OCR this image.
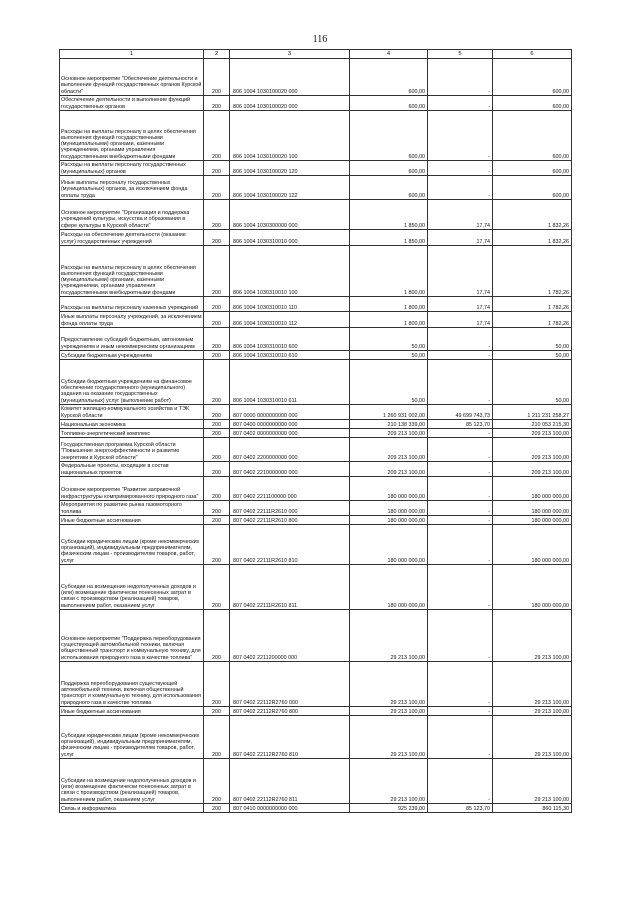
116
1	2	3	4	5	6
Основное мероприятие "Обеспечение деятельности и выполнение функций государственных органов Курской области"	200	806 1004 1030100020 000	600,00	-	600,00
Обеспечение деятельности и выполнение функций государственных органов	200	806 1004 1030100020 000	600,00	-	600,00
Расходы на выплаты персоналу в целях обеспечения выполнения функций государственными (муниципальными) органами, казенными учреждениями, органами управления государственными внебюджетными фондами	200	806 1004 1030100020 100	600,00	-	600,00
Расходы на выплаты персоналу государственных (муниципальных) органов	200	806 1004 1030100020 120	600,00	-	600,00
Иные выплаты персоналу государственных (муниципальных) органов, за исключением фонда оплаты труда	200	806 1004 1030100020 122	600,00	-	600,00
Основное мероприятие "Организация и поддержка учреждений культуры, искусства и образования в сфере культуры в Курской области"	200	806 1004 1030300000 000	1 850,00	17,74	1 832,26
Расходы на обеспечение деятельности (оказание услуг) государственных учреждений	200	806 1004 1030310010 000	1 850,00	17,74	1 832,26
Расходы на выплаты персоналу в целях обеспечения выполнения функций государственными (муниципальными) органами, казенными учреждениями, органами управления государственными внебюджетными фондами	200	806 1004 1030310010 100	1 800,00	17,74	1 782,26
Расходы на выплаты персоналу казенных учреждений	200	806 1004 1030310010 110	1 800,00	17,74	1 782,26
Иные выплаты персоналу учреждений, за исключением фонда оплаты труда	200	806 1004 1030310010 112	1 800,00	17,74	1 782,26
Предоставление субсидий бюджетным, автономным учреждениям и иным некоммерческим организациям	200	806 1004 1030310010 600	50,00	-	50,00
Субсидии бюджетным учреждениям	200	806 1004 1030310010 610	50,00	-	50,00
Субсидии бюджетным учреждениям на финансовое обеспечение государственного (муниципального) задания на оказание государственных (муниципальных) услуг (выполнение работ)	200	806 1004 1030310010 611	50,00	-	50,00
Комитет жилищно-коммунального хозяйства и ТЭК Курской области	200	807 0000 0000000000 000	1 260 931 002,00	49 699 743,73	1 211 231 258,27
Национальная экономика	200	807 0400 0000000000 000	210 138 339,00	85 123,70	210 053 215,30
Топливно-энергетический комплекс	200	807 0402 0000000000 000	209 213 100,00	-	209 213 100,00
Государственная программа Курской области "Повышение энергоэффективности и развитие энергетики в Курской области"	200	807 0402 2200000000 000	209 213 100,00	-	209 213 100,00
Федеральные проекты, входящие в состав национальных проектов	200	807 0402 2210000000 000	209 213 100,00	-	209 213 100,00
Основное мероприятие "Развитие заправочной инфраструктуры компримированного природного газа"	200	807 0402 2211100000 000	180 000 000,00	-	180 000 000,00
Мероприятия по развитию рынка газомоторного топлива	200	807 0402 22111R2610 000	180 000 000,00	-	180 000 000,00
Иные бюджетные ассигнования	200	807 0402 22111R2610 800	180 000 000,00	-	180 000 000,00
Субсидии юридическим лицам (кроме некоммерческих организаций), индивидуальным предпринимателям, физическим лицам - производителям товаров, работ, услуг	200	807 0402 22111R2610 810	180 000 000,00	-	180 000 000,00
Субсидии на возмещение недополученных доходов и (или) возмещение фактически понесенных затрат в связи с производством (реализацией) товаров, выполнением работ, оказанием услуг	200	807 0402 22111R2610 811	180 000 000,00	-	180 000 000,00
Основное мероприятие "Поддержка переоборудования существующей автомобильной техники, включая общественный транспорт и коммунальную технику, для использования природного газа в качестве топлива"	200	807 0402 2211200000 000	29 213 100,00	-	29 213 100,00
Поддержка переоборудования существующей автомобильной техники, включая общественный транспорт и коммунальную технику, для использования природного газа в качестве топлива	200	807 0402 22112R2760 000	29 213 100,00	-	29 213 100,00
Иные бюджетные ассигнования	200	807 0402 22112R2760 800	29 213 100,00	-	29 213 100,00
Субсидии юридическим лицам (кроме некоммерческих организаций), индивидуальным предпринимателям, физическим лицам - производителям товаров, работ, услуг	200	807 0402 22112R2760 810	29 213 100,00	-	29 213 100,00
Субсидии на возмещение недополученных доходов и (или) возмещение фактически понесенных затрат в связи с производством (реализацией) товаров, выполнением работ, оказанием услуг	200	807 0402 22112R2760 811	29 213 100,00	-	29 213 100,00
Связь и информатика	200	807 0410 0000000000 000	925 239,00	85 123,70	860 115,30
